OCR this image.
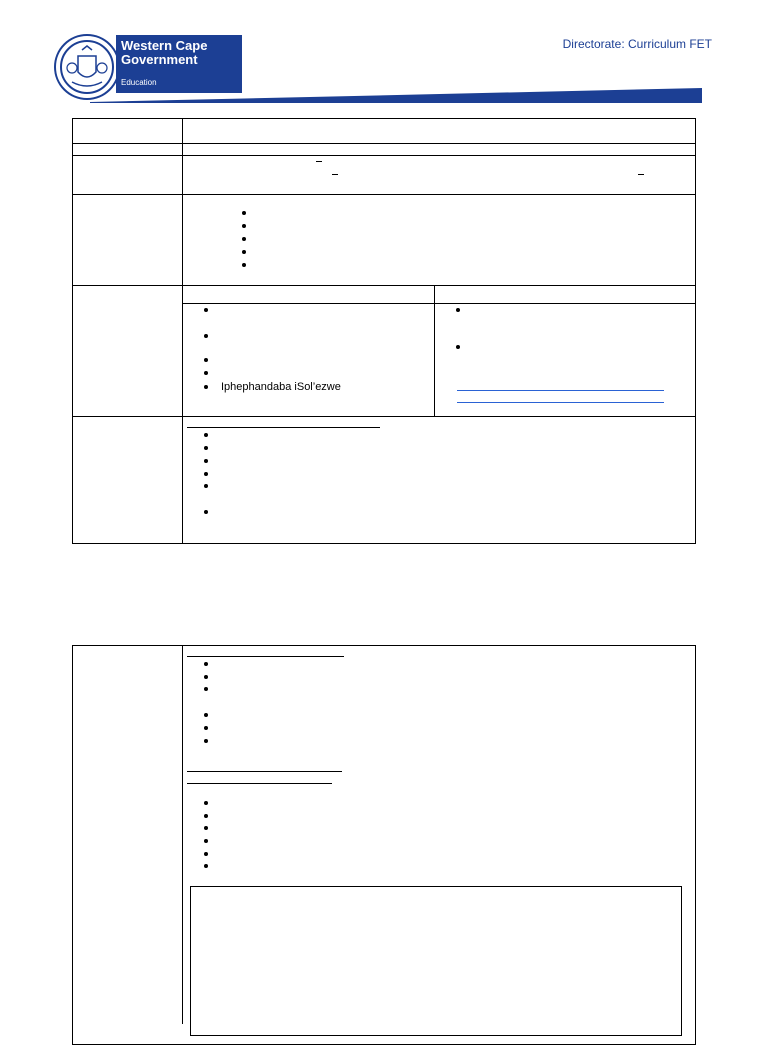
Western Cape
Government
Education
Directorate: Curriculum FET
Iphephandaba iSol’ezwe
